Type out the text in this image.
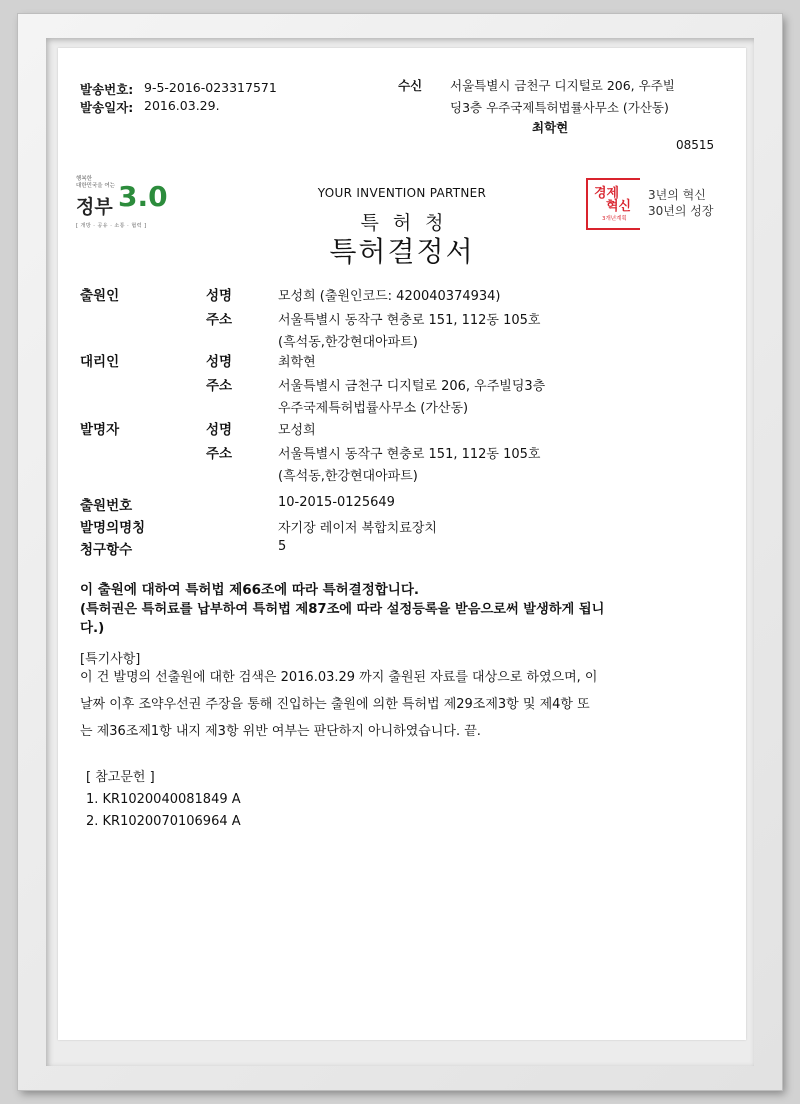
발송번호: 9-5-2016-023317571
발송일자: 2016.03.29.
수신 서울특별시 금천구 디지털로 206, 우주빌
딩3층 우주국제특허법률사무소 (가산동)
최학현
08515
행복한
대한민국을 여는
정부 3.0
[ 개방 · 공유 · 소통 · 협력 ]
경제
혁신
3개년계획
3년의 혁신
30년의 성장
YOUR INVENTION PARTNER
특허청
특허결정서
출원인	성명	모성희 (출원인코드: 420040374934)
주소	서울특별시 동작구 현충로 151, 112동 105호
(흑석동,한강현대아파트)
대리인	성명	최학현
주소	서울특별시 금천구 디지털로 206, 우주빌딩3층
우주국제특허법률사무소 (가산동)
발명자	성명	모성희
주소	서울특별시 동작구 현충로 151, 112동 105호
(흑석동,한강현대아파트)
출원번호	10-2015-0125649
발명의명칭	자기장 레이저 복합치료장치
청구항수	5
이 출원에 대하여 특허법 제66조에 따라 특허결정합니다.
(특허권은 특허료를 납부하여 특허법 제87조에 따라 설정등록을 받음으로써 발생하게 됩니
다.)
[특기사항]
이 건 발명의 선출원에 대한 검색은 2016.03.29 까지 출원된 자료를 대상으로 하였으며, 이
날짜 이후 조약우선권 주장을 통해 진입하는 출원에 의한 특허법 제29조제3항 및 제4항 또
는 제36조제1항 내지 제3항 위반 여부는 판단하지 아니하였습니다. 끝.
[ 참고문헌 ]
1. KR1020040081849 A
2. KR1020070106964 A
